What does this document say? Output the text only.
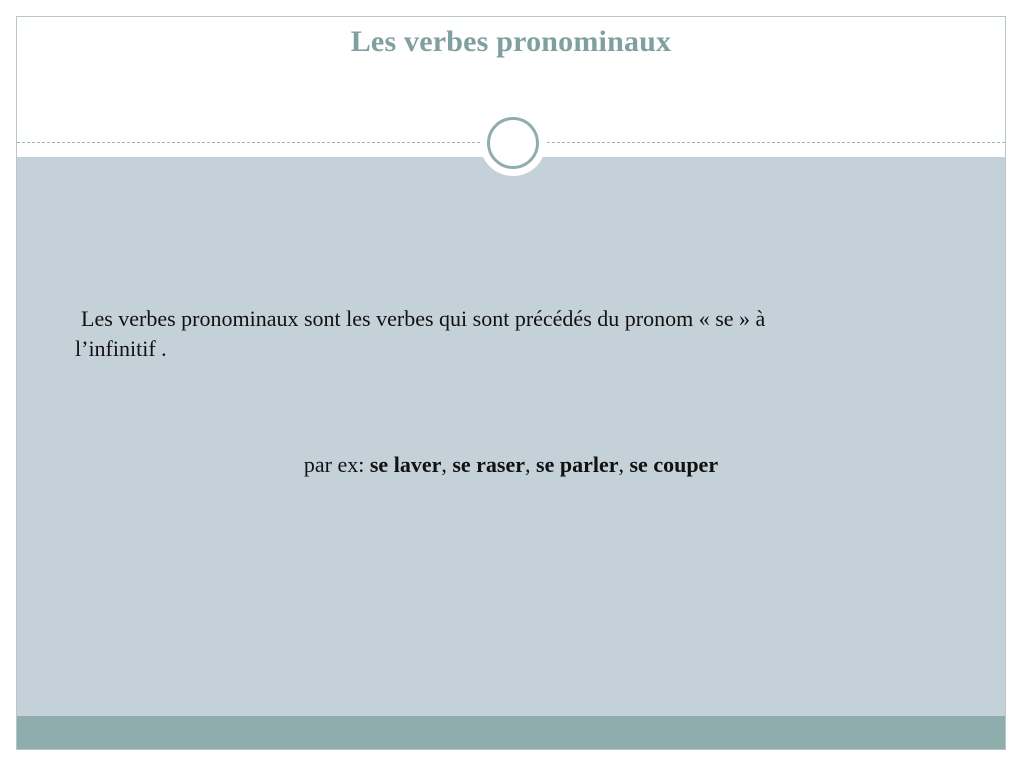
Les verbes pronominaux
Les verbes pronominaux sont les verbes qui sont précédés du pronom « se » à
l’infinitif .
par ex: se laver, se raser, se parler, se couper
